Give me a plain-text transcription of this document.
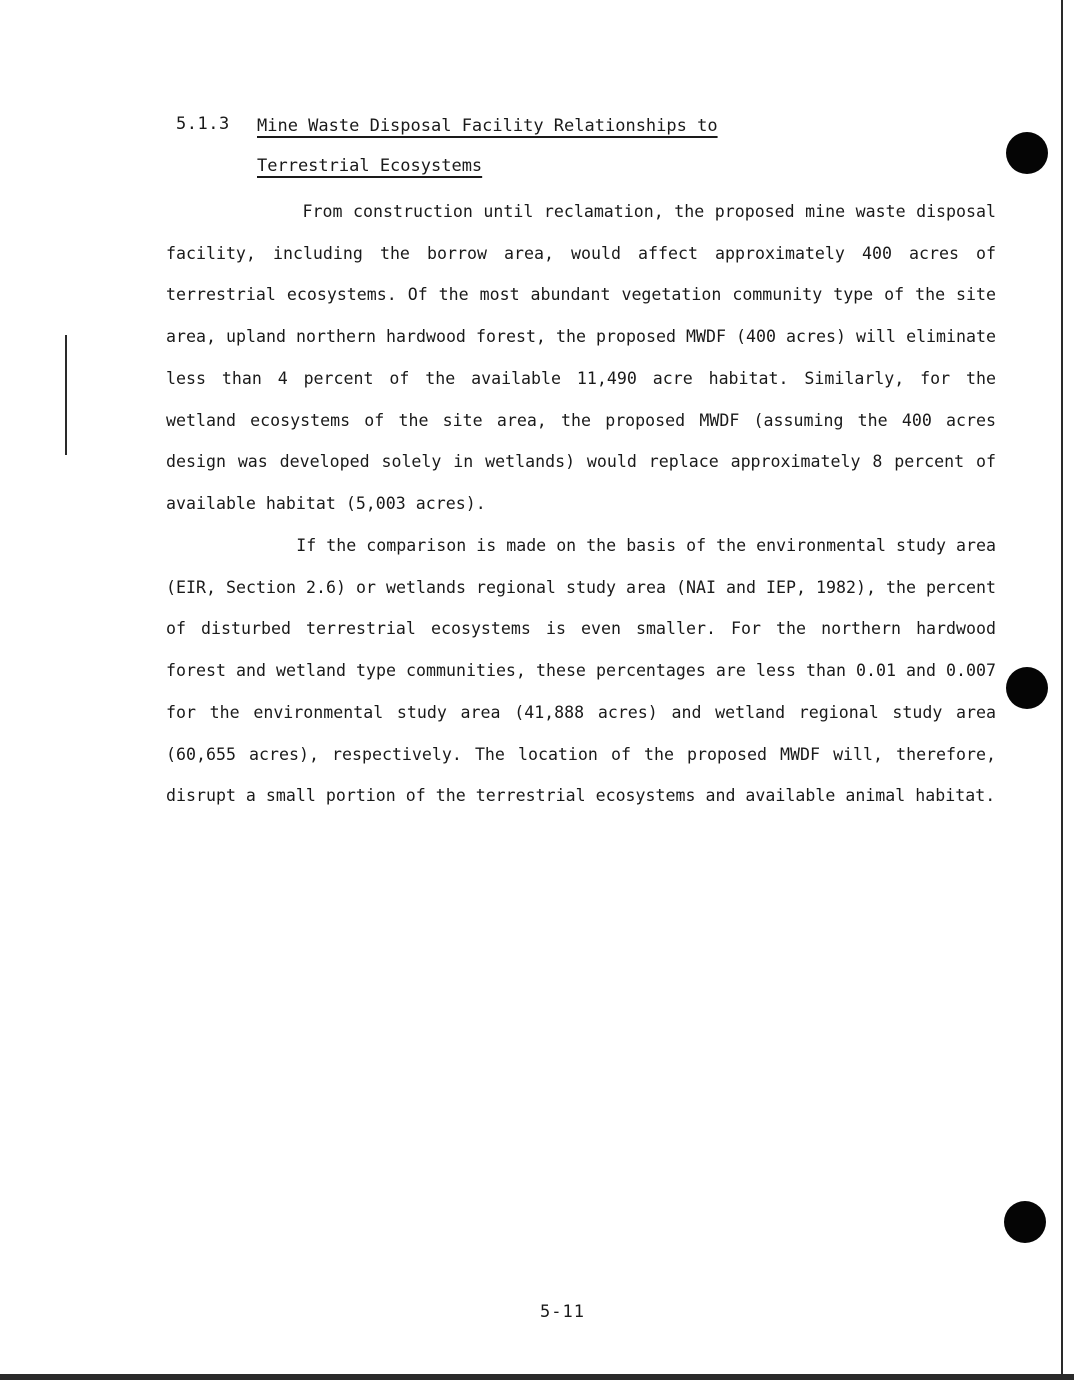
5.1.3 Mine Waste Disposal Facility Relationships to
Terrestrial Ecosystems

From construction until reclamation, the proposed mine waste disposal facility, including the borrow area, would affect approximately 400 acres of terrestrial ecosystems. Of the most abundant vegetation community type of the site area, upland northern hardwood forest, the proposed MWDF (400 acres) will eliminate less than 4 percent of the available 11,490 acre habitat. Similarly, for the wetland ecosystems of the site area, the proposed MWDF (assuming the 400 acres design was developed solely in wetlands) would replace approximately 8 percent of available habitat (5,003 acres).

If the comparison is made on the basis of the environmental study area (EIR, Section 2.6) or wetlands regional study area (NAI and IEP, 1982), the percent of disturbed terrestrial ecosystems is even smaller. For the northern hardwood forest and wetland type communities, these percentages are less than 0.01 and 0.007 for the environmental study area (41,888 acres) and wetland regional study area (60,655 acres), respectively. The location of the proposed MWDF will, therefore, disrupt a small portion of the terrestrial ecosystems and available animal habitat.

5-11
